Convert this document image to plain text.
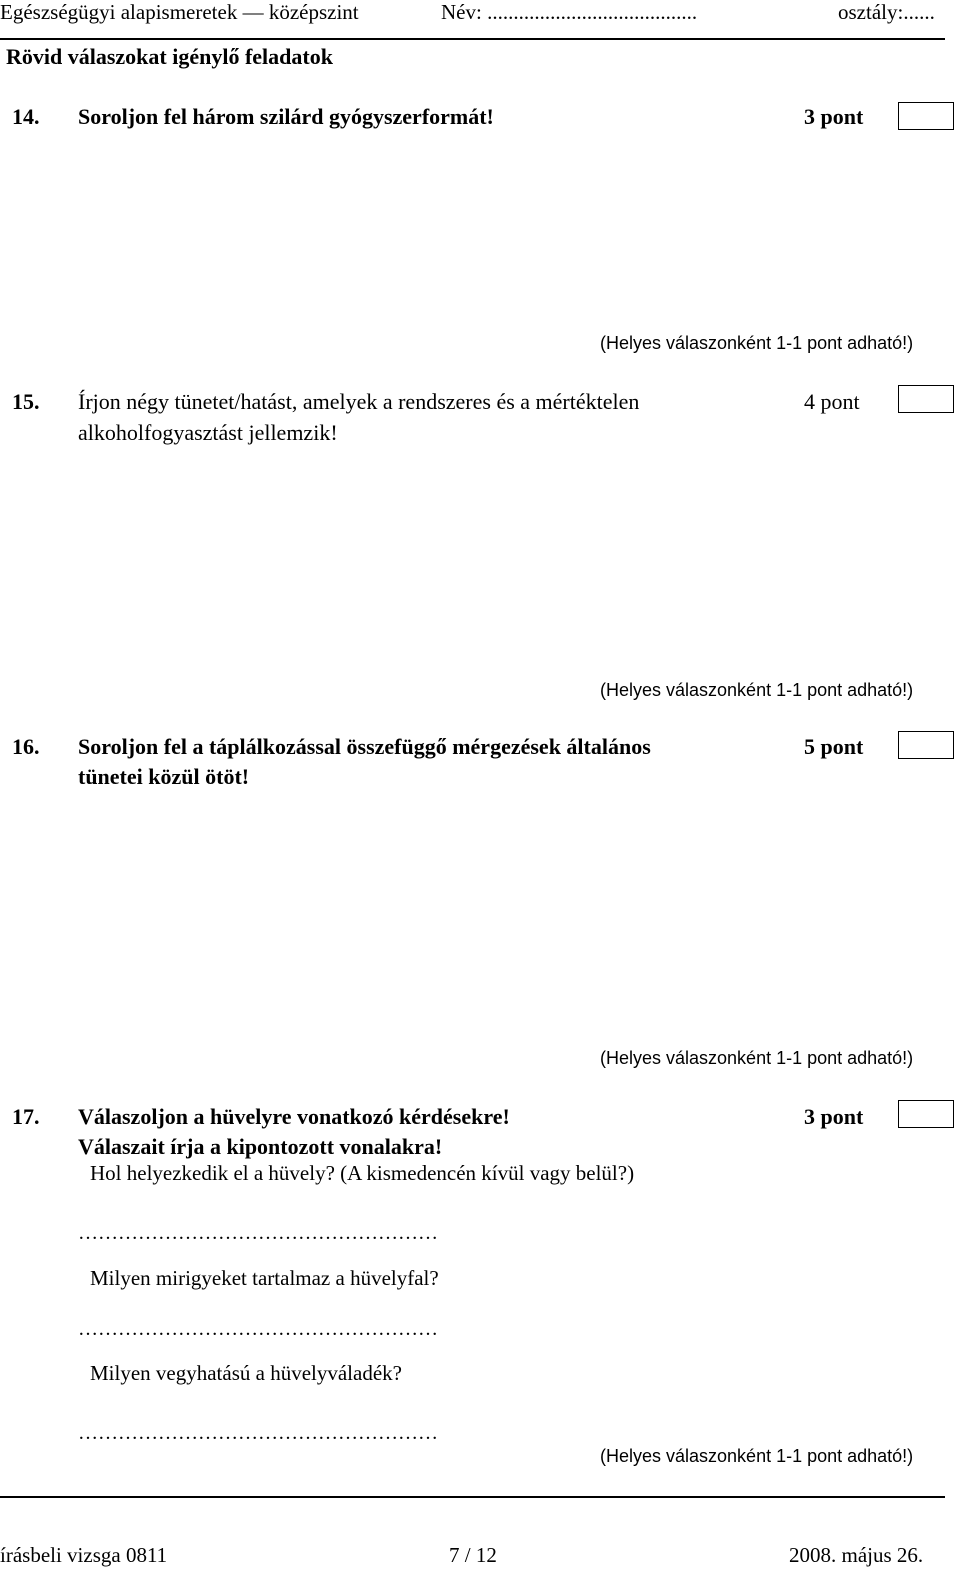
Egészségügyi alapismeretek — középszint	Név: ........................................	osztály:......
Rövid válaszokat igénylő feladatok
14. Soroljon fel három szilárd gyógyszerformát!	3 pont
(Helyes válaszonként 1-1 pont adható!)
15. Írjon négy tünetet/hatást, amelyek a rendszeres és a mértéktelen
alkoholfogyasztást jellemzik!
4 pont
(Helyes válaszonként 1-1 pont adható!)
16. Soroljon fel a táplálkozással összefüggő mérgezések általános
tünetei közül ötöt!
5 pont
(Helyes válaszonként 1-1 pont adható!)
17. Válaszoljon a hüvelyre vonatkozó kérdésekre!
Válaszait írja a kipontozott vonalakra!
3 pont
Hol helyezkedik el a hüvely? (A kismedencén kívül vagy belül?)
………………………………………………
Milyen mirigyeket tartalmaz a hüvelyfal?
………………………………………………
Milyen vegyhatású a hüvelyváladék?
………………………………………………
(Helyes válaszonként 1-1 pont adható!)
írásbeli vizsga 0811	7 / 12	2008. május 26.
